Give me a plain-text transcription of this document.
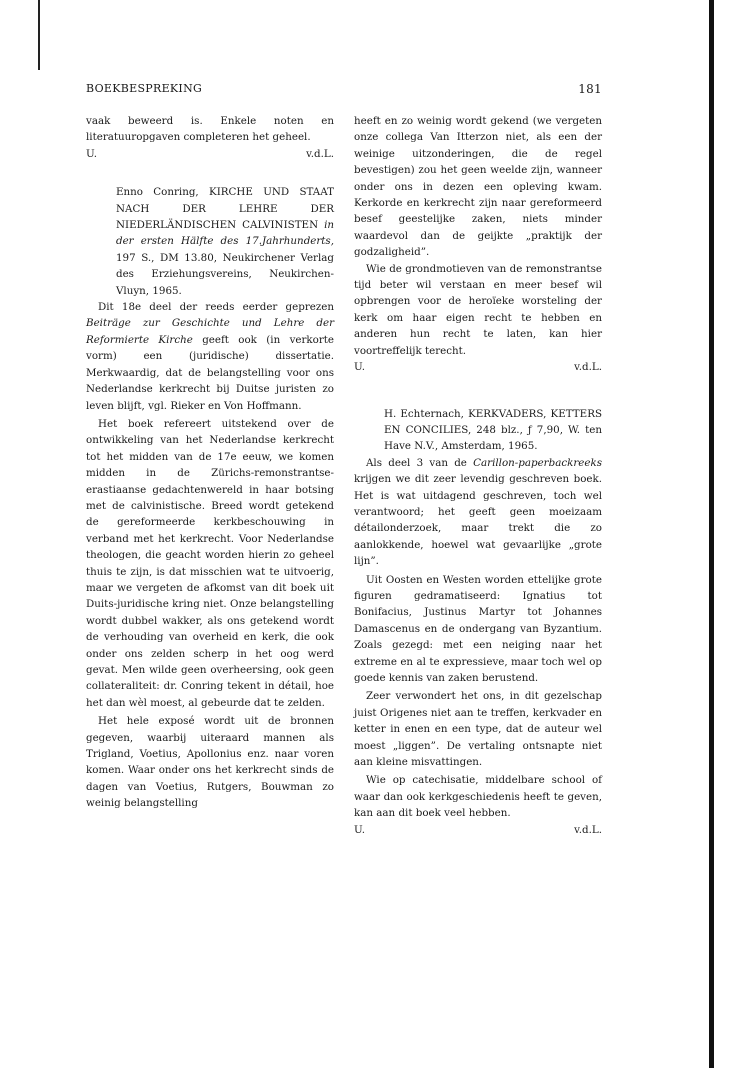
BOEKBESPREKING	181

vaak beweerd is. Enkele noten en literatuuropgaven completeren het geheel.

U.	v.d.L.

Enno Conring, KIRCHE UND STAAT NACH DER LEHRE DER NIEDERLÄNDISCHEN CALVINISTEN in der ersten Hälfte des 17.Jahrhunderts, 197 S., DM 13.80, Neukirchener Verlag des Erziehungsvereins, Neukirchen-Vluyn, 1965.

Dit 18e deel der reeds eerder geprezen Beiträge zur Geschichte und Lehre der Reformierte Kirche geeft ook (in verkorte vorm) een (juridische) dissertatie. Merkwaardig, dat de belangstelling voor ons Nederlandse kerkrecht bij Duitse juristen zo leven blijft, vgl. Rieker en Von Hoffmann.

Het boek refereert uitstekend over de ontwikkeling van het Nederlandse kerkrecht tot het midden van de 17e eeuw, we komen midden in de Zürichs-remonstrantse-erastiaanse gedachtenwereld in haar botsing met de calvinistische. Breed wordt getekend de gereformeerde kerkbeschouwing in verband met het kerkrecht. Voor Nederlandse theologen, die geacht worden hierin zo geheel thuis te zijn, is dat misschien wat te uitvoerig, maar we vergeten de afkomst van dit boek uit Duits-juridische kring niet. Onze belangstelling wordt dubbel wakker, als ons getekend wordt de verhouding van overheid en kerk, die ook onder ons zelden scherp in het oog werd gevat. Men wilde geen overheersing, ook geen collateraliteit: dr. Conring tekent in détail, hoe het dan wèl moest, al gebeurde dat te zelden.

Het hele exposé wordt uit de bronnen gegeven, waarbij uiteraard mannen als Trigland, Voetius, Apollonius enz. naar voren komen. Waar onder ons het kerkrecht sinds de dagen van Voetius, Rutgers, Bouwman zo weinig belangstelling

heeft en zo weinig wordt gekend (we vergeten onze collega Van Itterzon niet, als een der weinige uitzonderingen, die de regel bevestigen) zou het geen weelde zijn, wanneer onder ons in dezen een opleving kwam. Kerkorde en kerkrecht zijn naar gereformeerd besef geestelijke zaken, niets minder waardevol dan de geijkte „praktijk der godzaligheid”.

Wie de grondmotieven van de remonstrantse tijd beter wil verstaan en meer besef wil opbrengen voor de heroïeke worsteling der kerk om haar eigen recht te hebben en anderen hun recht te laten, kan hier voortreffelijk terecht.

U.	v.d.L.

H. Echternach, KERKVADERS, KETTERS EN CONCILIES, 248 blz., ƒ 7,90, W. ten Have N.V., Amsterdam, 1965.

Als deel 3 van de Carillon-paperbackreeks krijgen we dit zeer levendig geschreven boek. Het is wat uitdagend geschreven, toch wel verantwoord; het geeft geen moeizaam détailonderzoek, maar trekt die zo aanlokkende, hoewel wat gevaarlijke „grote lijn”.

Uit Oosten en Westen worden ettelijke grote figuren gedramatiseerd: Ignatius tot Bonifacius, Justinus Martyr tot Johannes Damascenus en de ondergang van Byzantium. Zoals gezegd: met een neiging naar het extreme en al te expressieve, maar toch wel op goede kennis van zaken berustend.

Zeer verwondert het ons, in dit gezelschap juist Origenes niet aan te treffen, kerkvader en ketter in enen en een type, dat de auteur wel moest „liggen”. De vertaling ontsnapte niet aan kleine misvattingen.

Wie op catechisatie, middelbare school of waar dan ook kerkgeschiedenis heeft te geven, kan aan dit boek veel hebben.

U.	v.d.L.
